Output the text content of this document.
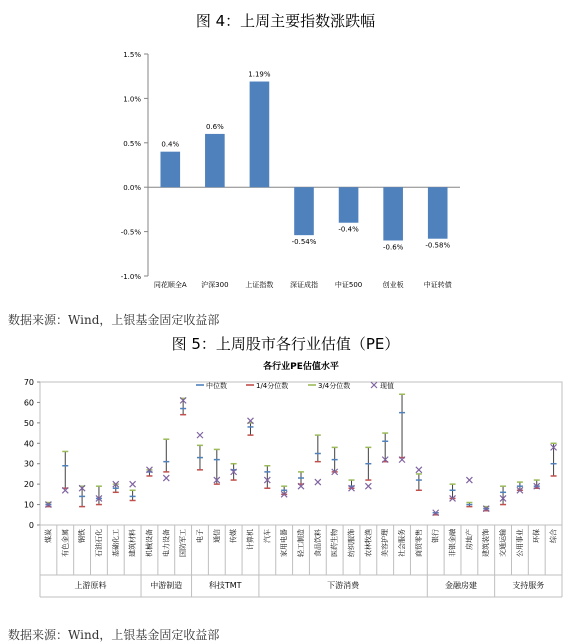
图 4：上周主要指数涨跌幅
1.5%
1.0%
0.5%
0.0%
-0.5%
-1.0%
0.4%
同花顺全A
0.6%
沪深300
1.19%
上证指数
-0.54%
深证成指
-0.4%
中证500
-0.6%
创业板
-0.58%
中证转债
数据来源：Wind，上银基金固定收益部
图 5：上周股市各行业估值（PE）
0
10
20
30
40
50
60
70
各行业PE估值水平
中位数	1/4分位数	3/4分位数	现值
煤炭 有色金属 钢铁 石油石化 基础化工 建筑材料 机械设备 电力设备 国防军工 电子 通信 传媒 计算机 汽车 家用电器 轻工制造 食品饮料 医药生物 纺织服饰 农林牧渔 美容护理 社会服务 商贸零售 银行 非银金融 房地产 建筑装饰 交通运输 公用事业 环保 综合
上游原料	中游制造	科技TMT	下游消费	金融房建	支持服务
数据来源：Wind，上银基金固定收益部
